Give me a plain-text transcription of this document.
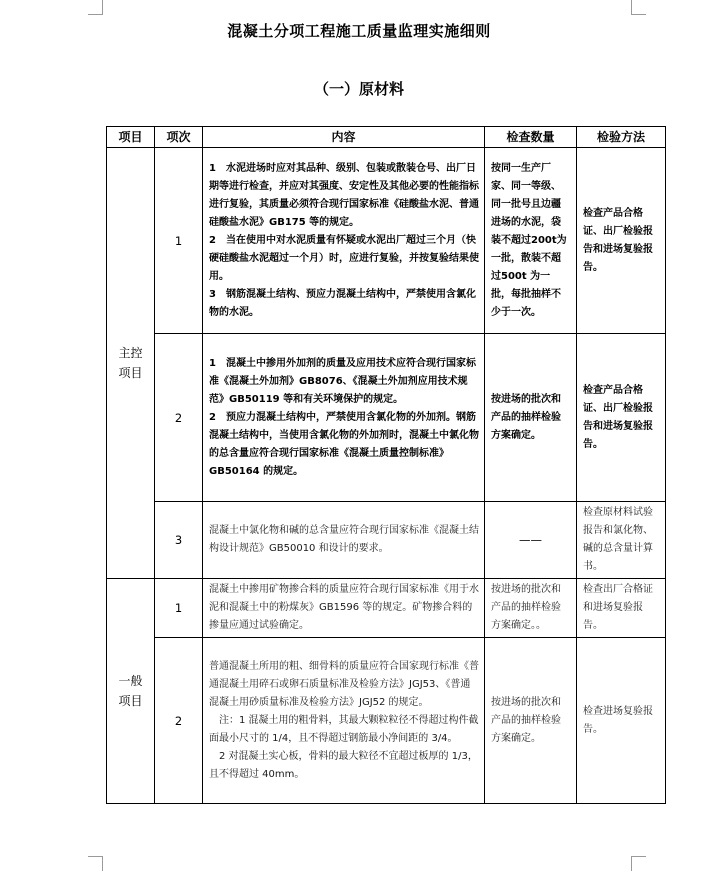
混凝土分项工程施工质量监理实施细则
（一）原材料
项目	项次	内容	检查数量	检验方法

主控项目	1	1　水泥进场时应对其品种、级别、包装或散装仓号、出厂日期等进行检查，并应对其强度、安定性及其他必要的性能指标进行复验，其质量必须符合现行国家标准《硅酸盐水泥、普通硅酸盐水泥》GB175 等的规定。

2　当在使用中对水泥质量有怀疑或水泥出厂超过三个月（快硬硅酸盐水泥超过一个月）时，应进行复验，并按复验结果使用。

3　钢筋混凝土结构、预应力混凝土结构中，严禁使用含氯化物的水泥。	按同一生产厂家、同一等级、同一批号且边疆进场的水泥，袋装不超过200t为一批，散装不超过500t 为一批，每批抽样不少于一次。	检查产品合格证、出厂检验报告和进场复验报告。
	2	1　混凝土中掺用外加剂的质量及应用技术应符合现行国家标准《混凝土外加剂》GB8076、《混凝土外加剂应用技术规范》GB50119 等和有关环境保护的规定。

2　预应力混凝土结构中，严禁使用含氯化物的外加剂。钢筋混凝土结构中，当使用含氯化物的外加剂时，混凝土中氯化物的总含量应符合现行国家标准《混凝土质量控制标准》GB50164 的规定。	按进场的批次和产品的抽样检验方案确定。	检查产品合格证、出厂检验报告和进场复验报告。
	3	混凝土中氯化物和碱的总含量应符合现行国家标准《混凝土结构设计规范》GB50010 和设计的要求。	——	检查原材料试验报告和氯化物、碱的总含量计算书。

一般项目	1	混凝土中掺用矿物掺合料的质量应符合现行国家标准《用于水泥和混凝土中的粉煤灰》GB1596 等的规定。矿物掺合料的掺量应通过试验确定。	按进场的批次和产品的抽样检验方案确定。。	检查出厂合格证和进场复验报告。
	2	普通混凝土所用的粗、细骨料的质量应符合国家现行标准《普通混凝土用碎石或卵石质量标准及检验方法》JGJ53、《普通混凝土用砂质量标准及检验方法》JGJ52 的规定。

　注：1 混凝土用的粗骨料，其最大颗粒粒径不得超过构件截面最小尺寸的 1/4，且不得超过钢筋最小净间距的 3/4。

　2 对混凝土实心板，骨料的最大粒径不宜超过板厚的 1/3，且不得超过 40mm。	按进场的批次和产品的抽样检验方案确定。	检查进场复验报告。
